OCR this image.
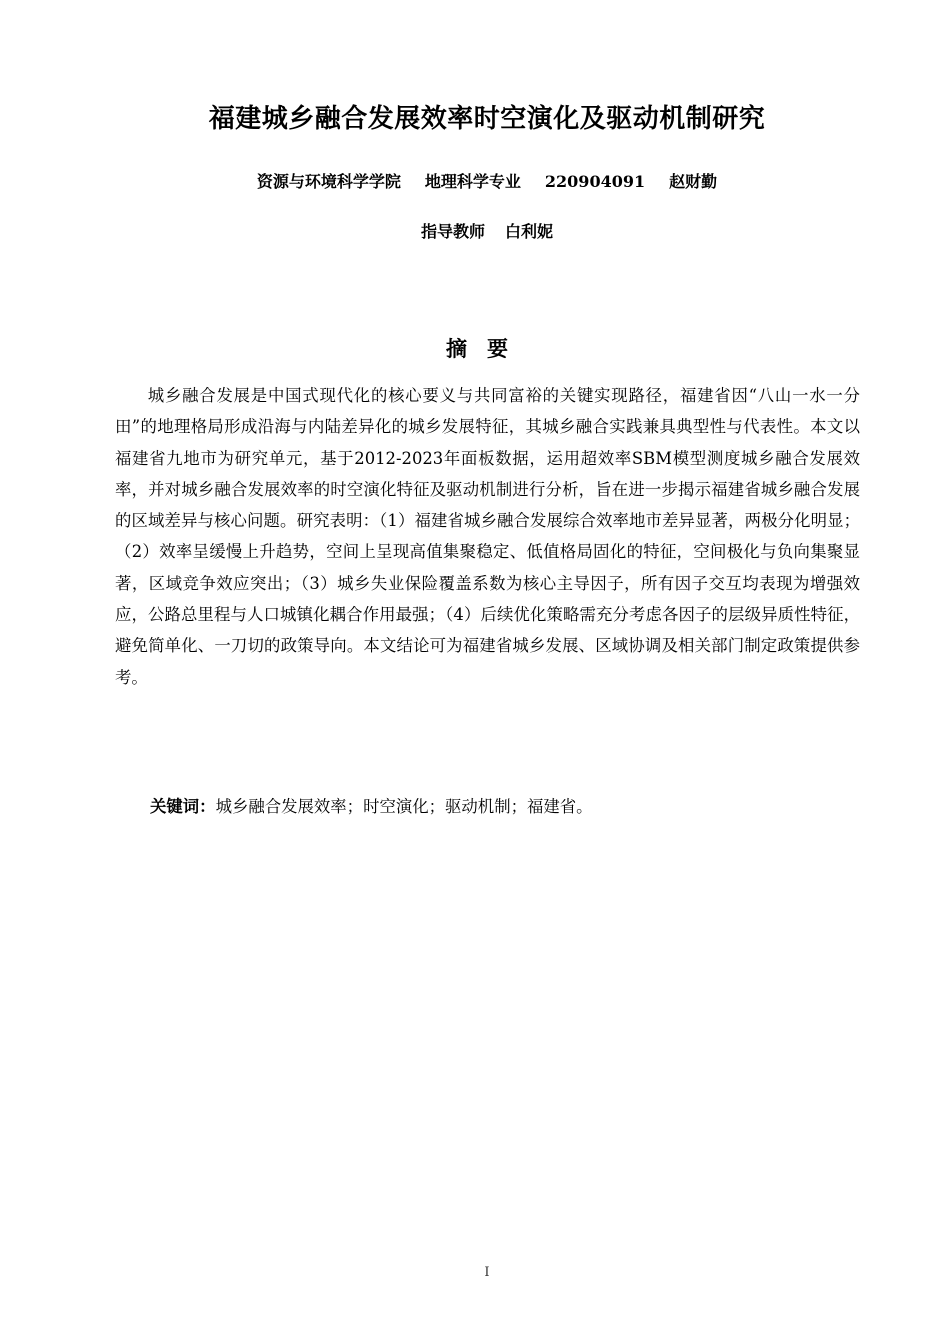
福建城乡融合发展效率时空演化及驱动机制研究
资源与环境科学学院 地理科学专业 220904091 赵财勤
指导教师 白利妮
摘要

城乡融合发展是中国式现代化的核心要义与共同富裕的关键实现路径，福建省因“八山一水一分田”的地理格局形成沿海与内陆差异化的城乡发展特征，其城乡融合实践兼具典型性与代表性。本文以福建省九地市为研究单元，基于2012-2023年面板数据，运用超效率SBM模型测度城乡融合发展效率，并对城乡融合发展效率的时空演化特征及驱动机制进行分析，旨在进一步揭示福建省城乡融合发展的区域差异与核心问题。研究表明：（1）福建省城乡融合发展综合效率地市差异显著，两极分化明显；（2）效率呈缓慢上升趋势，空间上呈现高值集聚稳定、低值格局固化的特征，空间极化与负向集聚显著，区域竞争效应突出；（3）城乡失业保险覆盖系数为核心主导因子，所有因子交互均表现为增强效应，公路总里程与人口城镇化耦合作用最强；（4）后续优化策略需充分考虑各因子的层级异质性特征，避免简单化、一刀切的政策导向。本文结论可为福建省城乡发展、区域协调及相关部门制定政策提供参考。

关键词：城乡融合发展效率；时空演化；驱动机制；福建省。

I
